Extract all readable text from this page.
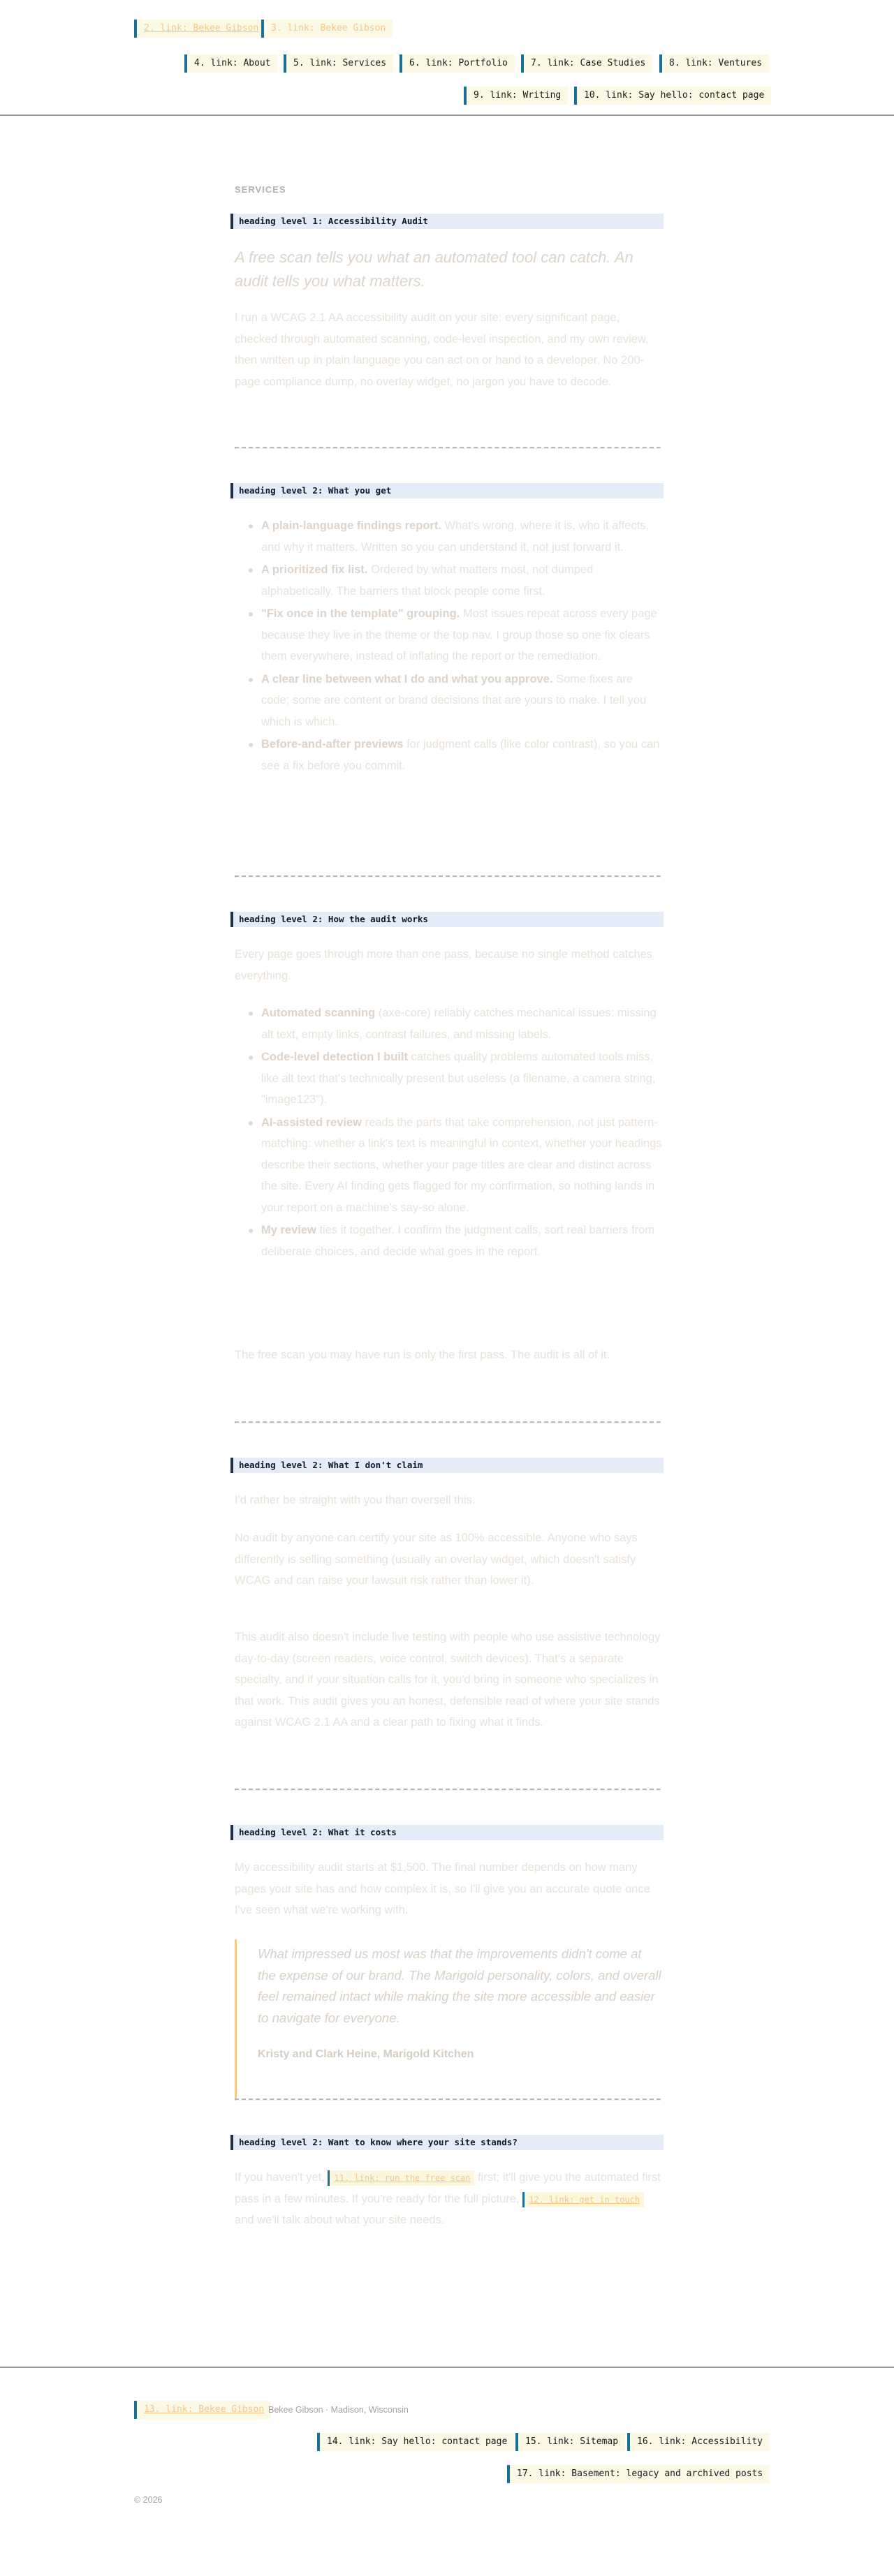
2. link: Bekee Gibson	3. link: Bekee Gibson
4. link: About	5. link: Services	6. link: Portfolio	7. link: Case Studies	8. link: Ventures
9. link: Writing	10. link: Say hello: contact page
SERVICES
heading level 1: Accessibility Audit

A free scan tells you what an automated tool can catch. An audit tells you what matters.

I run a WCAG 2.1 AA accessibility audit on your site: every significant page, checked through automated scanning, code-level inspection, and my own review, then written up in plain language you can act on or hand to a developer. No 200-page compliance dump, no overlay widget, no jargon you have to decode.

heading level 2: What you get
A plain-language findings report. What's wrong, where it is, who it affects, and why it matters. Written so you can understand it, not just forward it.
A prioritized fix list. Ordered by what matters most, not dumped alphabetically. The barriers that block people come first.
"Fix once in the template" grouping. Most issues repeat across every page because they live in the theme or the top nav. I group those so one fix clears them everywhere, instead of inflating the report or the remediation.
A clear line between what I do and what you approve. Some fixes are code; some are content or brand decisions that are yours to make. I tell you which is which.
Before-and-after previews for judgment calls (like color contrast), so you can see a fix before you commit.
heading level 2: How the audit works

Every page goes through more than one pass, because no single method catches everything.

Automated scanning (axe-core) reliably catches mechanical issues: missing alt text, empty links, contrast failures, and missing labels.
Code-level detection I built catches quality problems automated tools miss, like alt text that's technically present but useless (a filename, a camera string, "image123").
AI-assisted review reads the parts that take comprehension, not just pattern-matching: whether a link's text is meaningful in context, whether your headings describe their sections, whether your page titles are clear and distinct across the site. Every AI finding gets flagged for my confirmation, so nothing lands in your report on a machine's say-so alone.
My review ties it together. I confirm the judgment calls, sort real barriers from deliberate choices, and decide what goes in the report.

The free scan you may have run is only the first pass. The audit is all of it.

heading level 2: What I don't claim

I'd rather be straight with you than oversell this.

No audit by anyone can certify your site as 100% accessible. Anyone who says differently is selling something (usually an overlay widget, which doesn't satisfy WCAG and can raise your lawsuit risk rather than lower it).

This audit also doesn't include live testing with people who use assistive technology day-to-day (screen readers, voice control, switch devices). That's a separate specialty, and if your situation calls for it, you'd bring in someone who specializes in that work. This audit gives you an honest, defensible read of where your site stands against WCAG 2.1 AA and a clear path to fixing what it finds.

heading level 2: What it costs

My accessibility audit starts at $1,500. The final number depends on how many pages your site has and how complex it is, so I'll give you an accurate quote once I've seen what we're working with.

What impressed us most was that the improvements didn't come at the expense of our brand. The Marigold personality, colors, and overall feel remained intact while making the site more accessible and easier to navigate for everyone.

Kristy and Clark Heine, Marigold Kitchen
heading level 2: Want to know where your site stands?

If you haven't yet, 11. link: run the free scan first; it'll give you the automated first pass in a few minutes. If you're ready for the full picture, 12. link: get in touch and we'll talk about what your site needs.

13. link: Bekee Gibson Bekee Gibson · Madison, Wisconsin
14. link: Say hello: contact page	15. link: Sitemap	16. link: Accessibility
17. link: Basement: legacy and archived posts
© 2026
